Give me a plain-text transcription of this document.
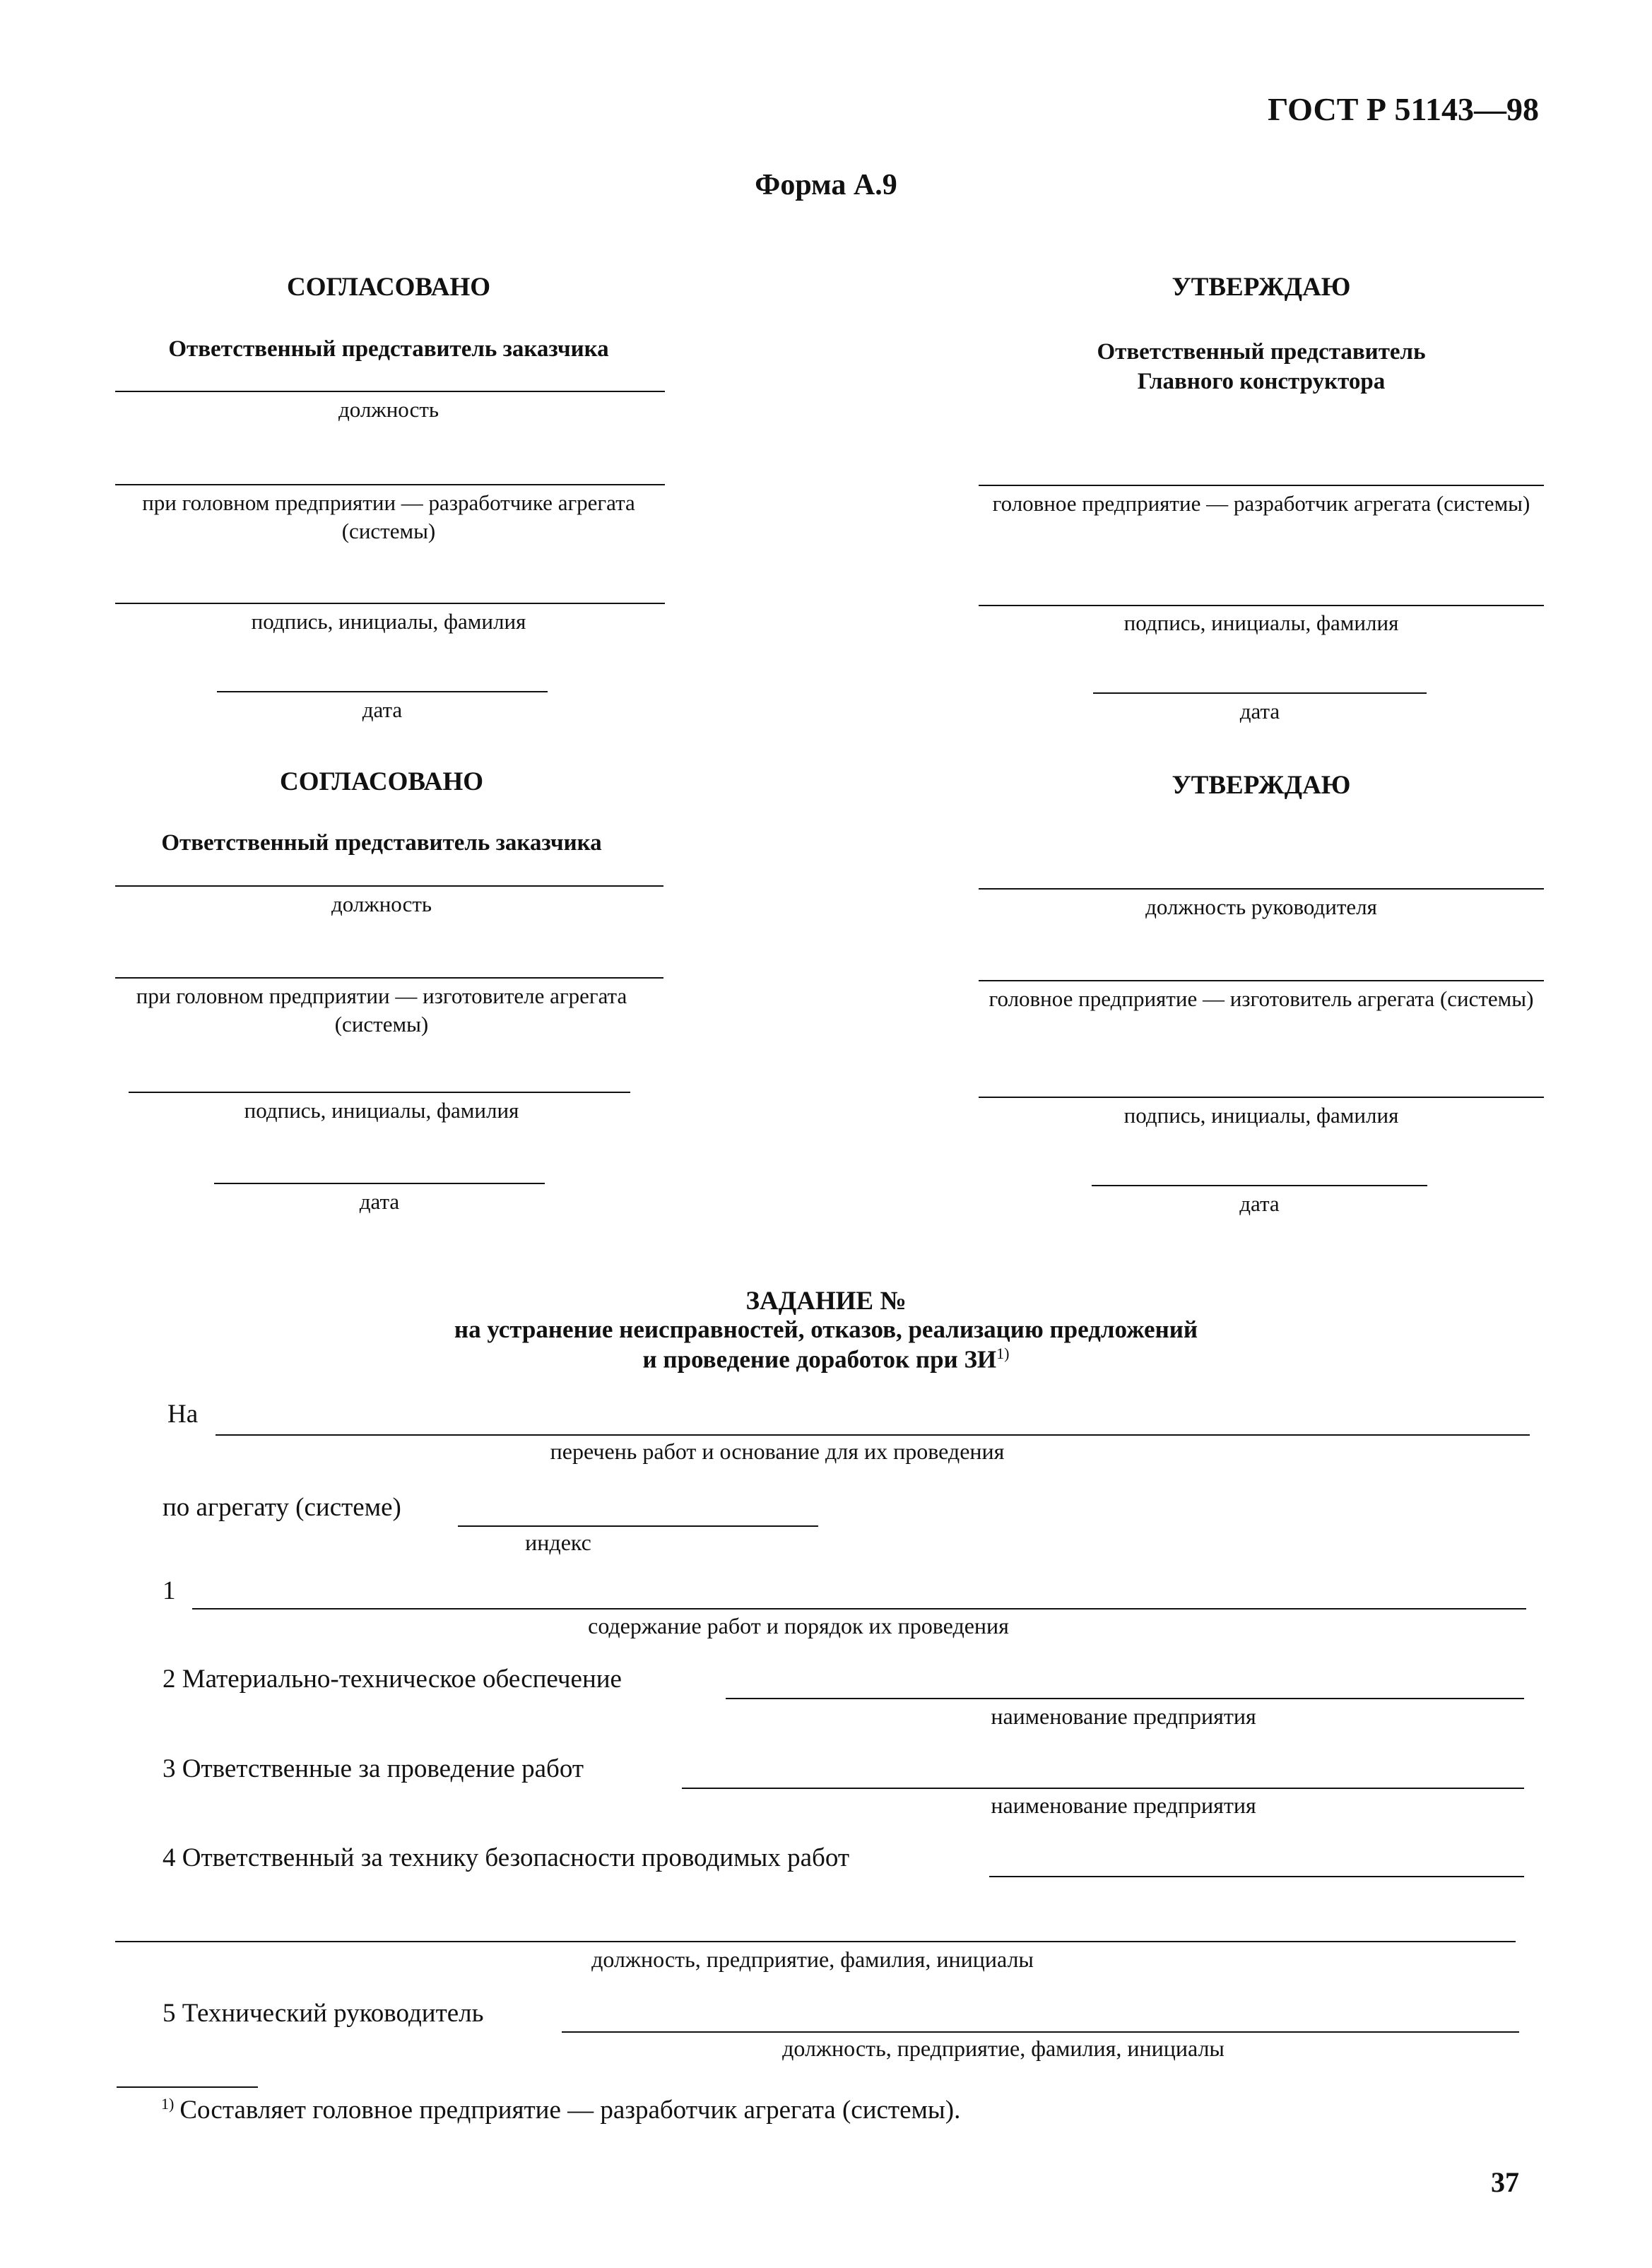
ГОСТ Р 51143—98
Форма А.9
СОГЛАСОВАНО
Ответственный представитель заказчика
должность
при головном предприятии — разработчике агрегата (системы)
подпись, инициалы, фамилия
дата
УТВЕРЖДАЮ
Ответственный представитель
Главного конструктора
головное предприятие — разработчик агрегата (системы)
подпись, инициалы, фамилия
дата
СОГЛАСОВАНО
Ответственный представитель заказчика
должность
при головном предприятии — изготовителе агрегата (системы)
подпись, инициалы, фамилия
дата
УТВЕРЖДАЮ
должность руководителя
головное предприятие — изготовитель агрегата (системы)
подпись, инициалы, фамилия
дата
ЗАДАНИЕ №
на устранение неисправностей, отказов, реализацию предложений
и проведение доработок при ЗИ$^{1)}$
На
перечень работ и основание для их проведения
по агрегату (системе)
индекс
1
содержание работ и порядок их проведения
2 Материально-техническое обеспечение
наименование предприятия
3 Ответственные за проведение работ
наименование предприятия
4 Ответственный за технику безопасности проводимых работ
должность, предприятие, фамилия, инициалы
5 Технический руководитель
должность, предприятие, фамилия, инициалы
$^{1)}$ Составляет головное предприятие — разработчик агрегата (системы).
37
